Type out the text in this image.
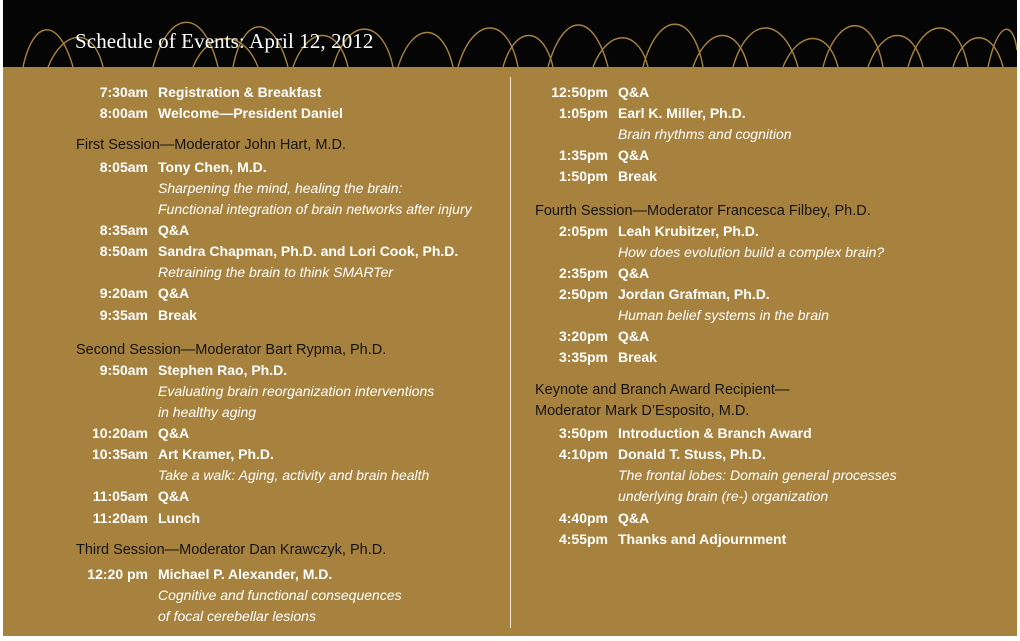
Schedule of Events: April 12, 2012
7:30am Registration & Breakfast
8:00am Welcome—President Daniel
First Session—Moderator John Hart, M.D.
8:05am Tony Chen, M.D.
Sharpening the mind, healing the brain:
Functional integration of brain networks after injury
8:35am Q&A
8:50am Sandra Chapman, Ph.D. and Lori Cook, Ph.D.
Retraining the brain to think SMARTer
9:20am Q&A
9:35am Break
Second Session—Moderator Bart Rypma, Ph.D.
9:50am Stephen Rao, Ph.D.
Evaluating brain reorganization interventions
in healthy aging
10:20am Q&A
10:35am Art Kramer, Ph.D.
Take a walk: Aging, activity and brain health
11:05am Q&A
11:20am Lunch
Third Session—Moderator Dan Krawczyk, Ph.D.
12:20 pm Michael P. Alexander, M.D.
Cognitive and functional consequences
of focal cerebellar lesions
12:50pm Q&A
1:05pm Earl K. Miller, Ph.D.
Brain rhythms and cognition
1:35pm Q&A
1:50pm Break
Fourth Session—Moderator Francesca Filbey, Ph.D.
2:05pm Leah Krubitzer, Ph.D.
How does evolution build a complex brain?
2:35pm Q&A
2:50pm Jordan Grafman, Ph.D.
Human belief systems in the brain
3:20pm Q&A
3:35pm Break
Keynote and Branch Award Recipient—
Moderator Mark D’Esposito, M.D.
3:50pm Introduction & Branch Award
4:10pm Donald T. Stuss, Ph.D.
The frontal lobes: Domain general processes
underlying brain (re-) organization
4:40pm Q&A
4:55pm Thanks and Adjournment
